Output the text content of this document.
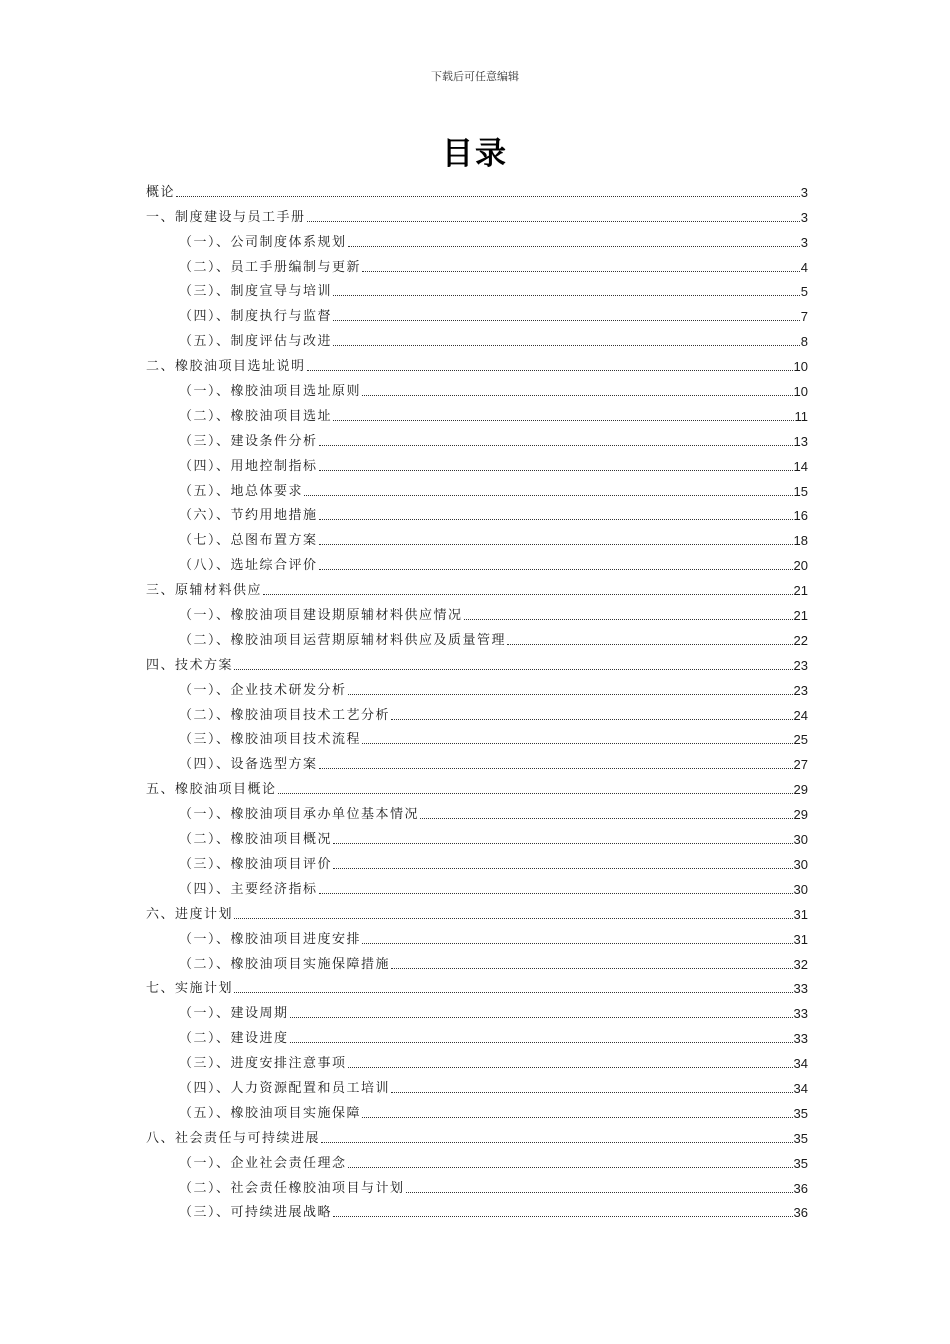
下载后可任意编辑
目录
概论	3
一、制度建设与员工手册	3
（一）、公司制度体系规划	3
（二）、员工手册编制与更新	4
（三）、制度宣导与培训	5
（四）、制度执行与监督	7
（五）、制度评估与改进	8
二、橡胶油项目选址说明	10
（一）、橡胶油项目选址原则	10
（二）、橡胶油项目选址	11
（三）、建设条件分析	13
（四）、用地控制指标	14
（五）、地总体要求	15
（六）、节约用地措施	16
（七）、总图布置方案	18
（八）、选址综合评价	20
三、原辅材料供应	21
（一）、橡胶油项目建设期原辅材料供应情况	21
（二）、橡胶油项目运营期原辅材料供应及质量管理	22
四、技术方案	23
（一）、企业技术研发分析	23
（二）、橡胶油项目技术工艺分析	24
（三）、橡胶油项目技术流程	25
（四）、设备选型方案	27
五、橡胶油项目概论	29
（一）、橡胶油项目承办单位基本情况	29
（二）、橡胶油项目概况	30
（三）、橡胶油项目评价	30
（四）、主要经济指标	30
六、进度计划	31
（一）、橡胶油项目进度安排	31
（二）、橡胶油项目实施保障措施	32
七、实施计划	33
（一）、建设周期	33
（二）、建设进度	33
（三）、进度安排注意事项	34
（四）、人力资源配置和员工培训	34
（五）、橡胶油项目实施保障	35
八、社会责任与可持续进展	35
（一）、企业社会责任理念	35
（二）、社会责任橡胶油项目与计划	36
（三）、可持续进展战略	36
